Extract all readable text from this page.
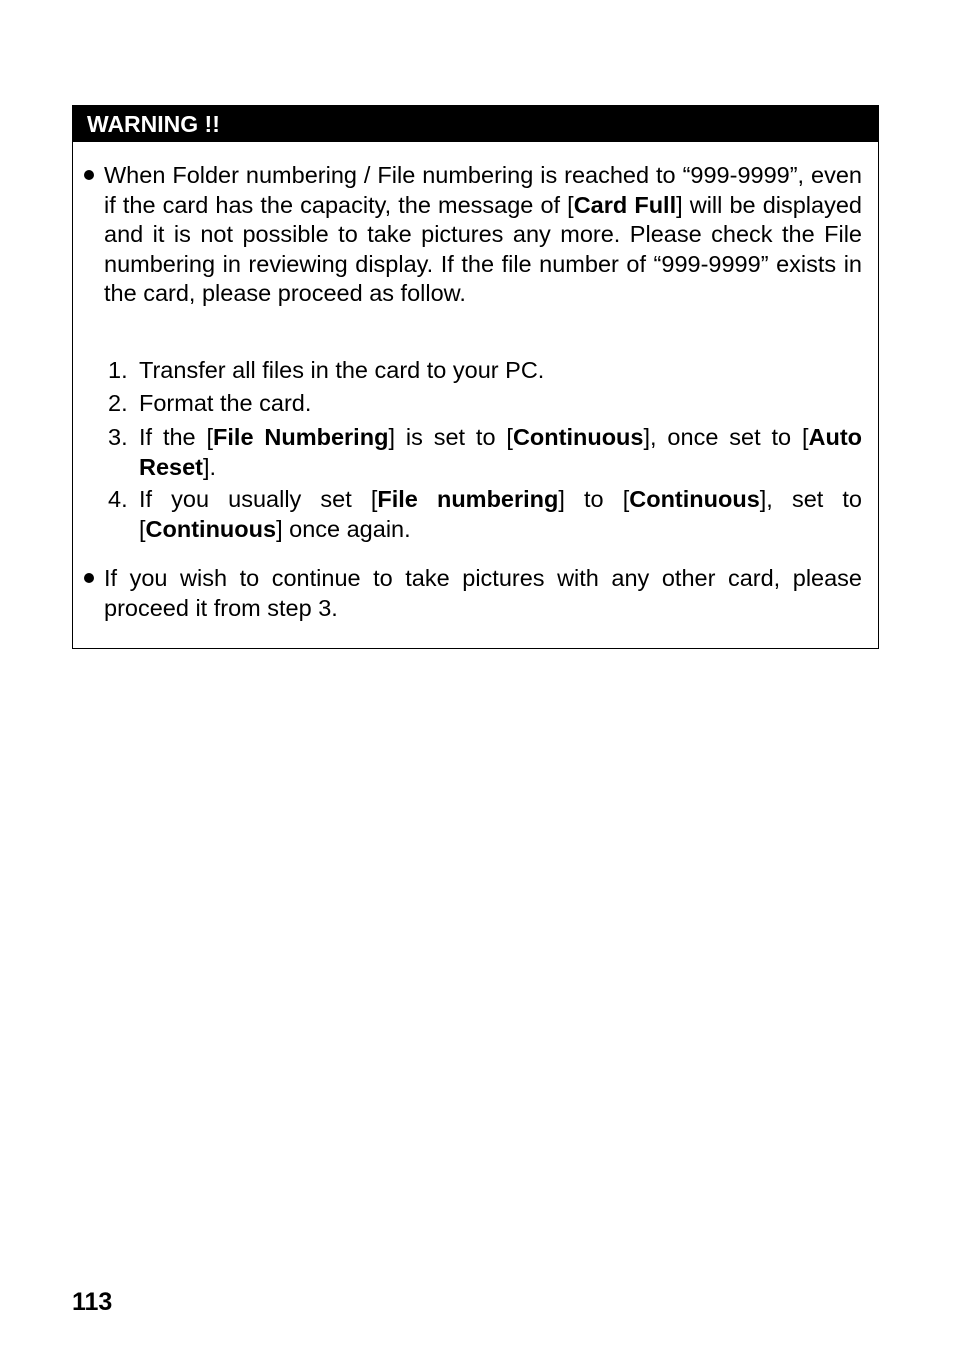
WARNING !!
When Folder numbering / File numbering is reached to “999-9999”, even if the card has the capacity, the message of [Card Full] will be displayed and it is not possible to take pictures any more. Please check the File numbering in reviewing display. If the file number of “999-9999” exists in the card, please proceed as follow.
1. Transfer all files in the card to your PC.
2. Format the card.
3. If the [File Numbering] is set to [Continuous], once set to [Auto Reset].
4. If you usually set [File numbering] to [Continuous], set to [Continuous] once again.
If you wish to continue to take pictures with any other card, please proceed it from step 3.
113
